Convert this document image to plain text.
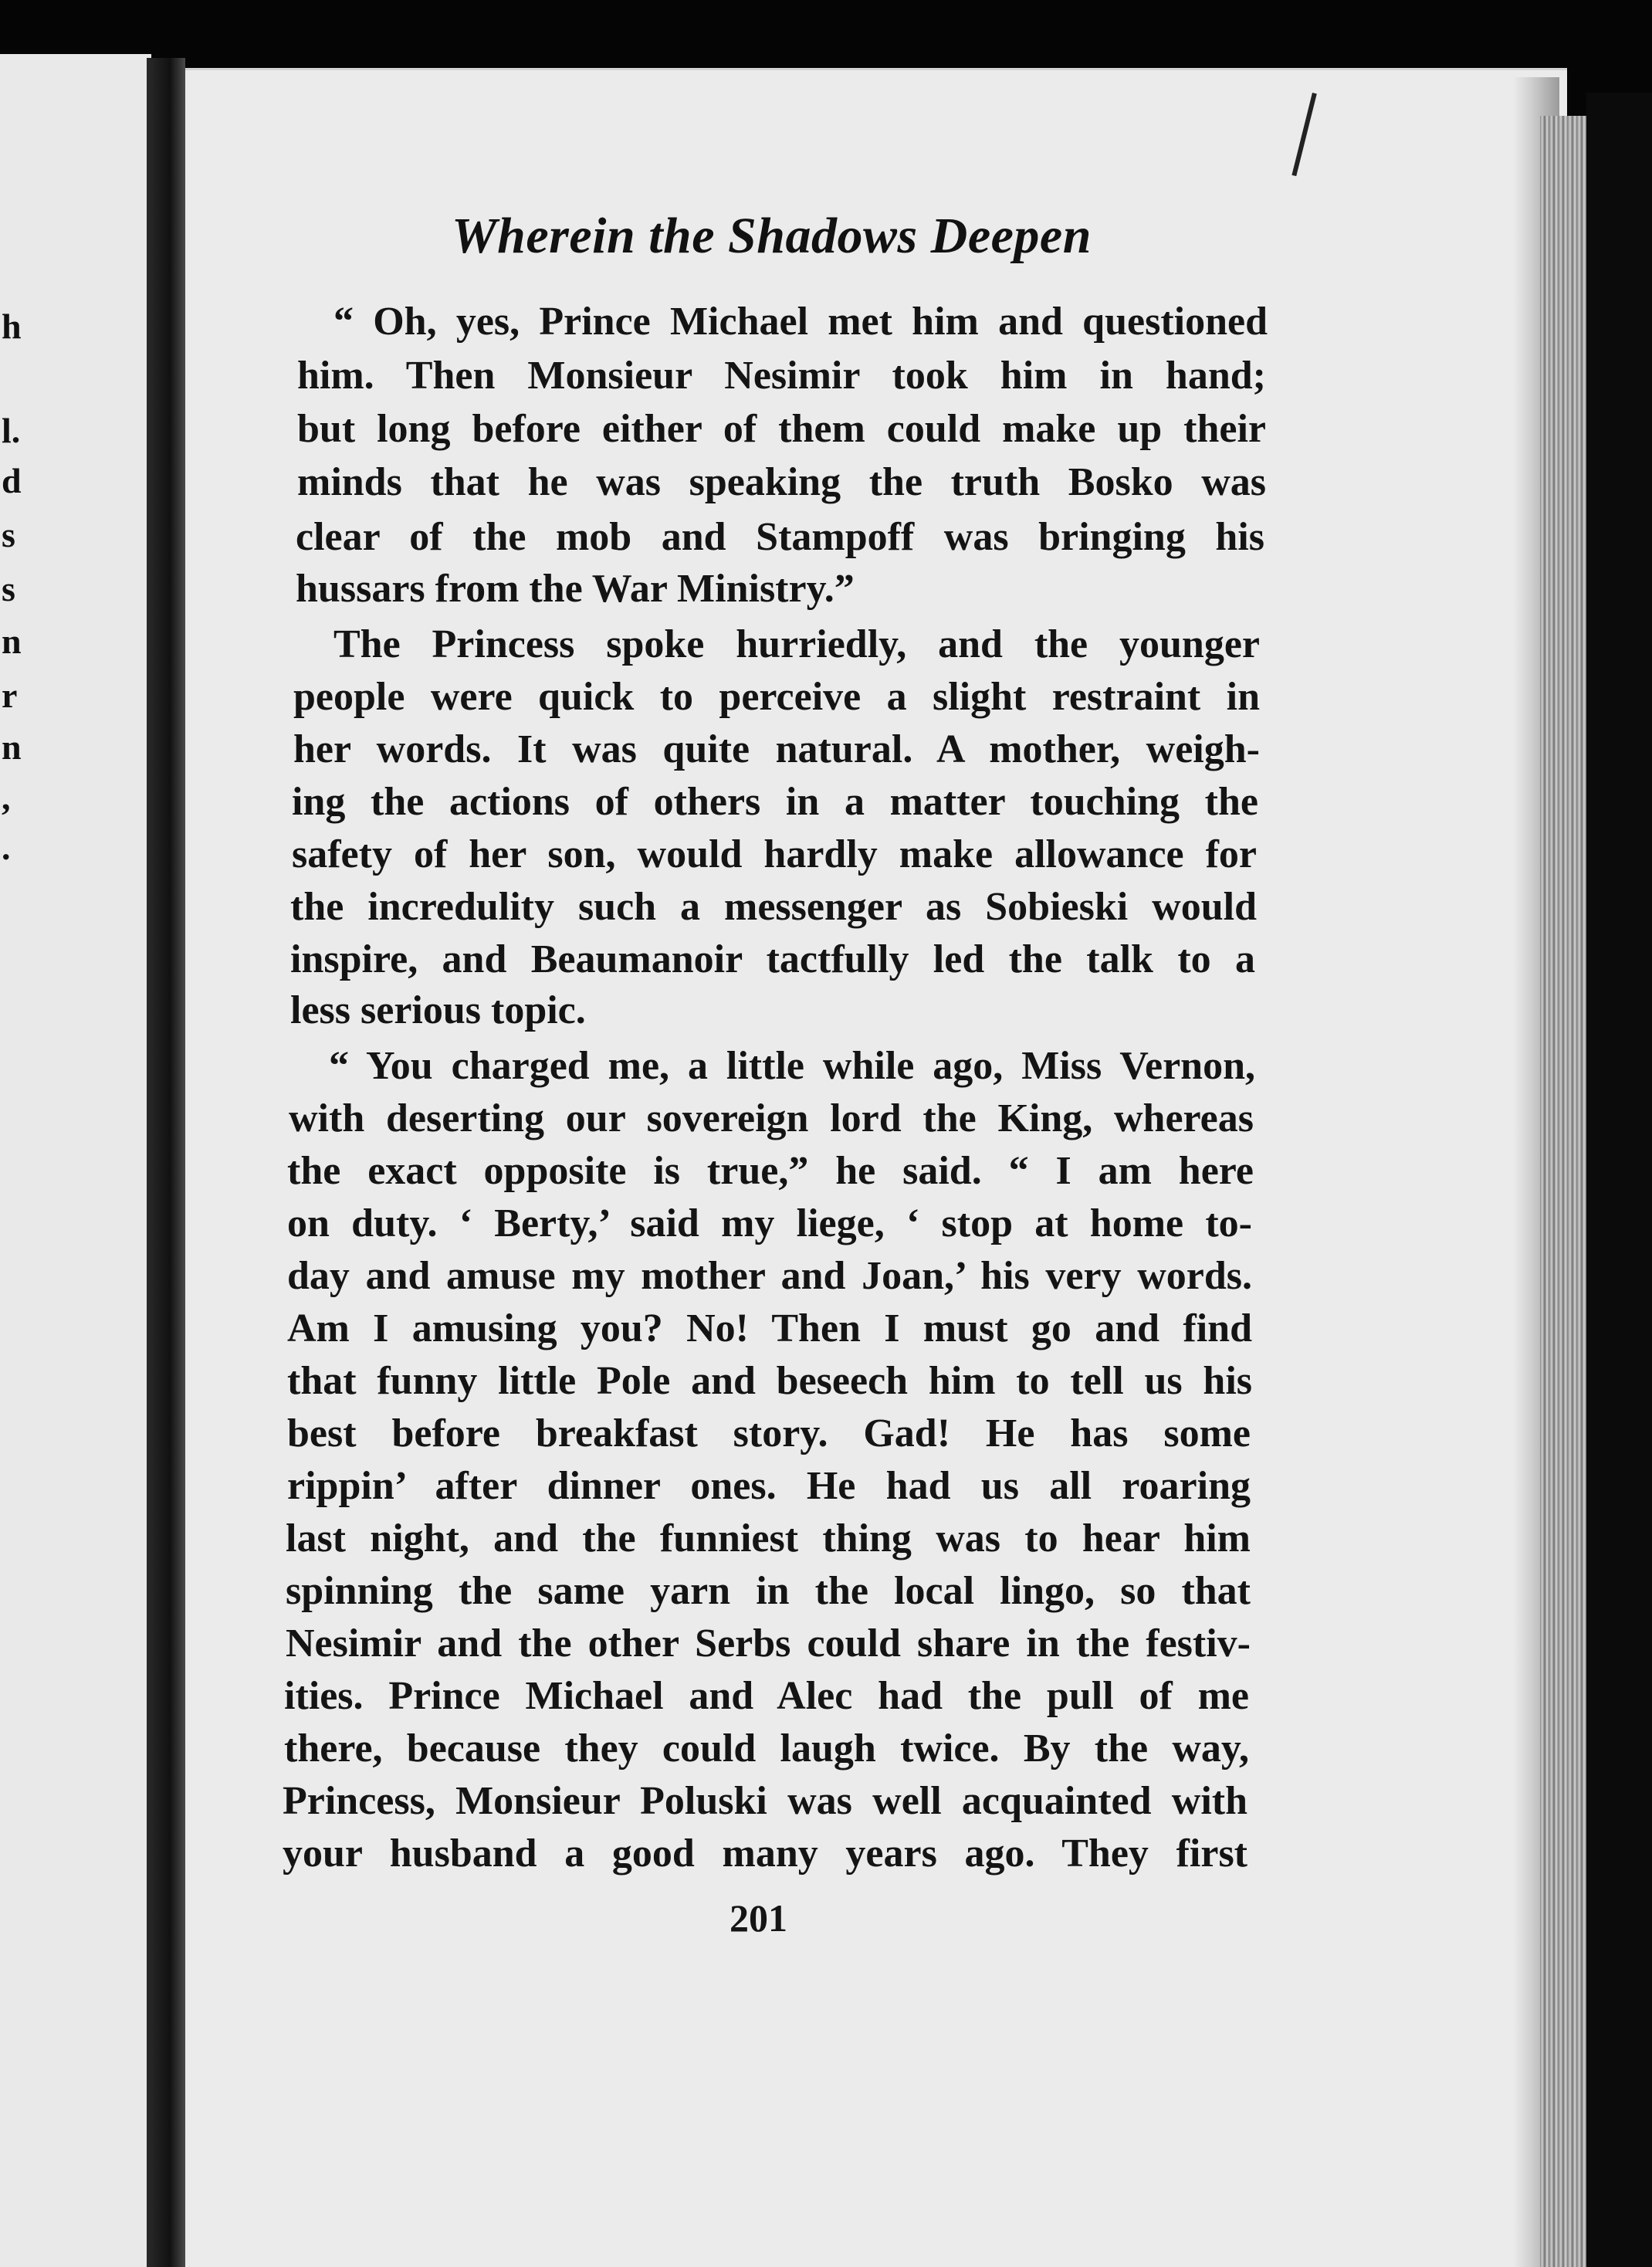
h
l.
d
s
s
n
r
n
,
.
Wherein the Shadows Deepen
“ Oh, yes, Prince Michael met him and questioned
him. Then Monsieur Nesimir took him in hand;
but long before either of them could make up their
minds that he was speaking the truth Bosko was
clear of the mob and Stampoff was bringing his
hussars from the War Ministry.”
The Princess spoke hurriedly, and the younger
people were quick to perceive a slight restraint in
her words. It was quite natural. A mother, weigh-
ing the actions of others in a matter touching the
safety of her son, would hardly make allowance for
the incredulity such a messenger as Sobieski would
inspire, and Beaumanoir tactfully led the talk to a
less serious topic.
“ You charged me, a little while ago, Miss Vernon,
with deserting our sovereign lord the King, whereas
the exact opposite is true,” he said. “ I am here
on duty. ‘ Berty,’ said my liege, ‘ stop at home to-
day and amuse my mother and Joan,’ his very words.
Am I amusing you? No! Then I must go and find
that funny little Pole and beseech him to tell us his
best before breakfast story. Gad! He has some
rippin’ after dinner ones. He had us all roaring
last night, and the funniest thing was to hear him
spinning the same yarn in the local lingo, so that
Nesimir and the other Serbs could share in the festiv-
ities. Prince Michael and Alec had the pull of me
there, because they could laugh twice. By the way,
Princess, Monsieur Poluski was well acquainted with
your husband a good many years ago. They first
201
